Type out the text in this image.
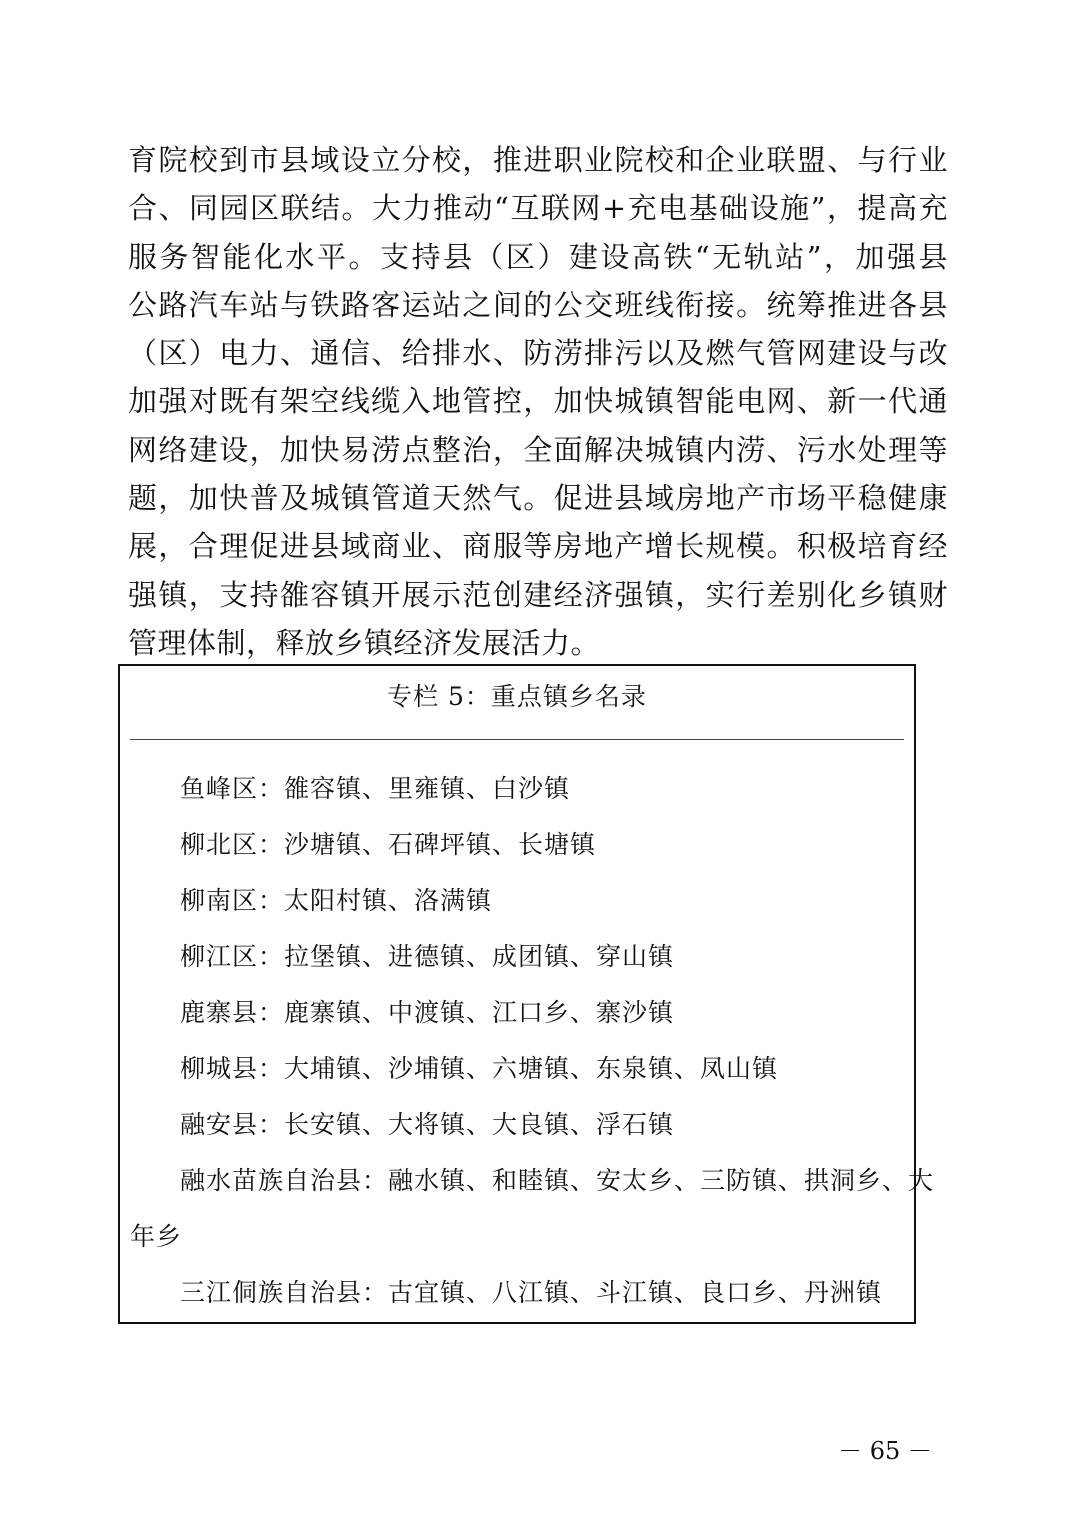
育院校到市县域设立分校，推进职业院校和企业联盟、与行业
合、同园区联结。大力推动“互联网+充电基础设施”，提高充
服务智能化水平。支持县（区）建设高铁“无轨站”，加强县
公路汽车站与铁路客运站之间的公交班线衔接。统筹推进各县
（区）电力、通信、给排水、防涝排污以及燃气管网建设与改
加强对既有架空线缆入地管控，加快城镇智能电网、新一代通
网络建设，加快易涝点整治，全面解决城镇内涝、污水处理等
题，加快普及城镇管道天然气。促进县域房地产市场平稳健康
展，合理促进县域商业、商服等房地产增长规模。积极培育经
强镇，支持雒容镇开展示范创建经济强镇，实行差别化乡镇财
管理体制，释放乡镇经济发展活力。
专栏 5：重点镇乡名录
鱼峰区：雒容镇、里雍镇、白沙镇
柳北区：沙塘镇、石碑坪镇、长塘镇
柳南区：太阳村镇、洛满镇
柳江区：拉堡镇、进德镇、成团镇、穿山镇
鹿寨县：鹿寨镇、中渡镇、江口乡、寨沙镇
柳城县：大埔镇、沙埔镇、六塘镇、东泉镇、凤山镇
融安县：长安镇、大将镇、大良镇、浮石镇
融水苗族自治县：融水镇、和睦镇、安太乡、三防镇、拱洞乡、大
年乡
三江侗族自治县：古宜镇、八江镇、斗江镇、良口乡、丹洲镇
－ 65 －
